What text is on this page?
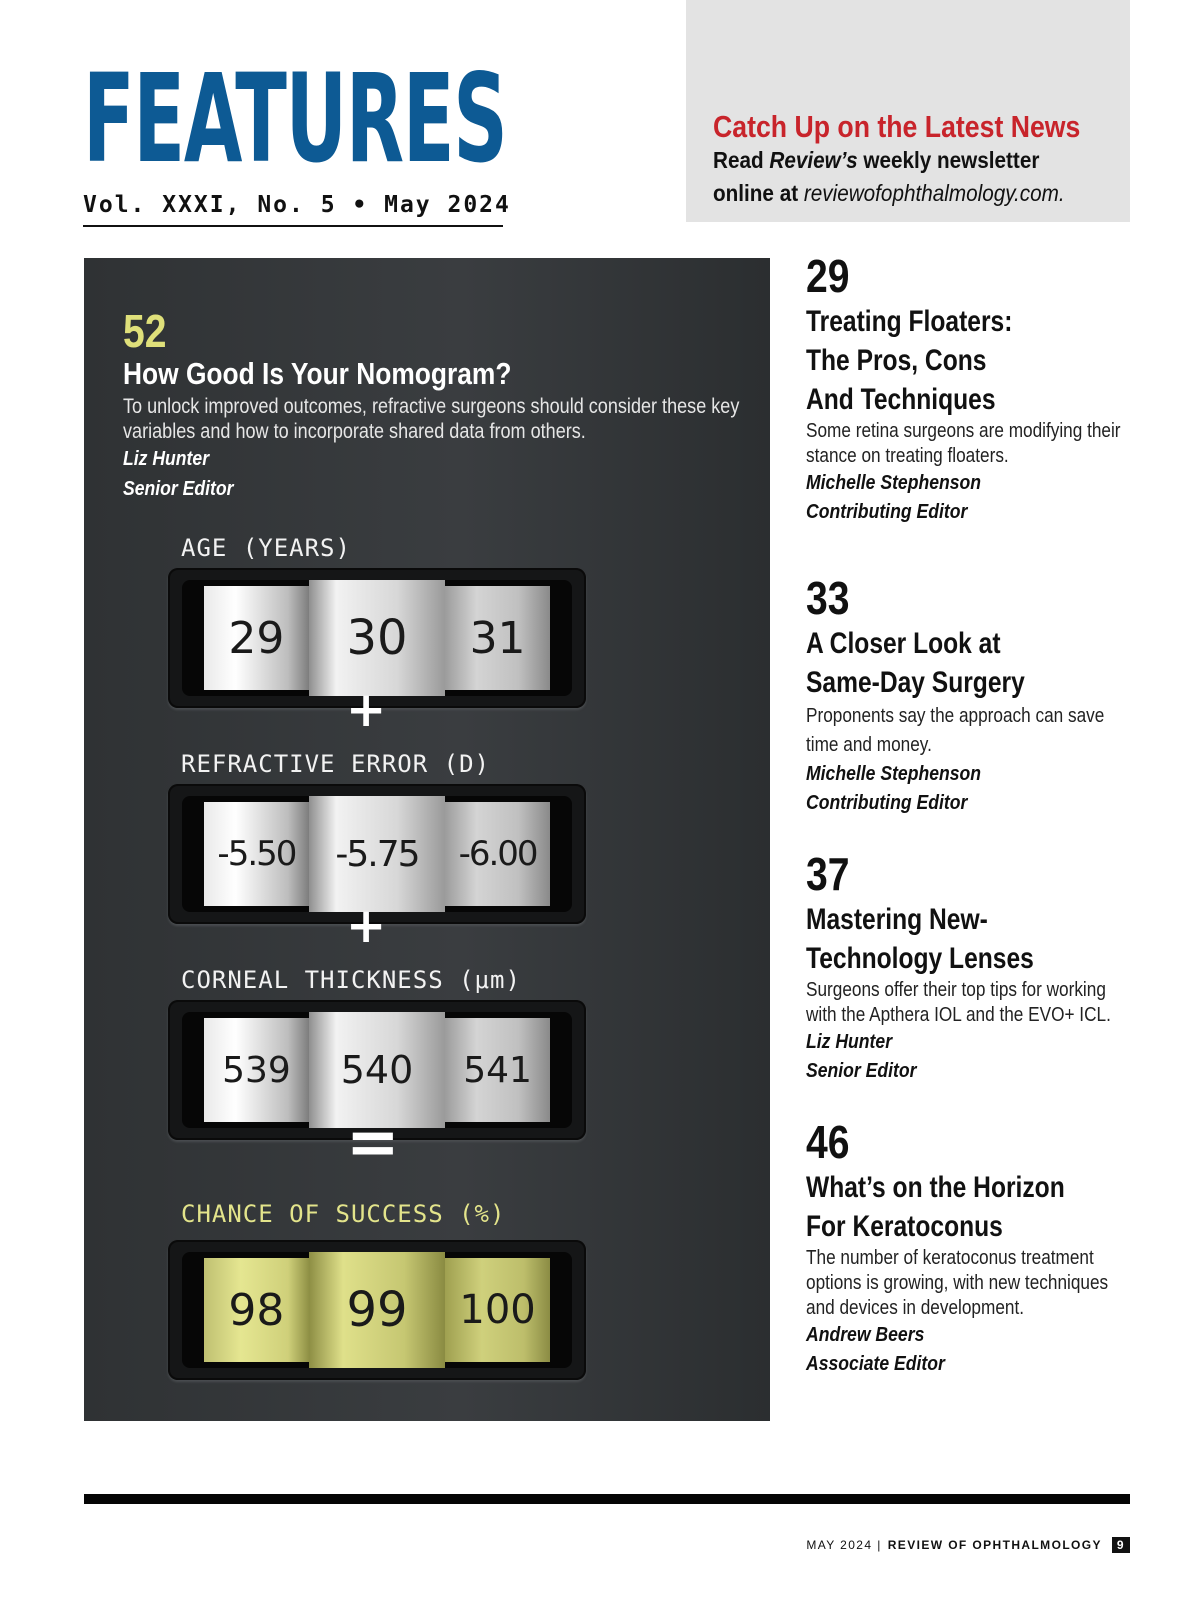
FEATURES
Vol. XXXI, No. 5 • May 2024
Catch Up on the Latest News
Read Review’s weekly newsletter
online at reviewofophthalmology.com.
52
How Good Is Your Nomogram?
To unlock improved outcomes, refractive surgeons should consider these key variables and how to incorporate shared data from others.
Liz Hunter
Senior Editor
AGE (YEARS)
29	30	31
+
REFRACTIVE ERROR (D)
-5.50	-5.75	-6.00
+
CORNEAL THICKNESS (μm)
539	540	541
=
CHANCE OF SUCCESS (%)
98	99	100
29
Treating Floaters:
The Pros, Cons
And Techniques
Some retina surgeons are modifying their stance on treating floaters.
Michelle Stephenson
Contributing Editor
33
A Closer Look at
Same-Day Surgery
Proponents say the approach can save time and money.
Michelle Stephenson
Contributing Editor
37
Mastering New-
Technology Lenses
Surgeons offer their top tips for working with the Apthera IOL and the EVO+ ICL.
Liz Hunter
Senior Editor
46
What’s on the Horizon
For Keratoconus
The number of keratoconus treatment options is growing, with new techniques and devices in development.
Andrew Beers
Associate Editor
MAY 2024 | REVIEW OF OPHTHALMOLOGY	9
